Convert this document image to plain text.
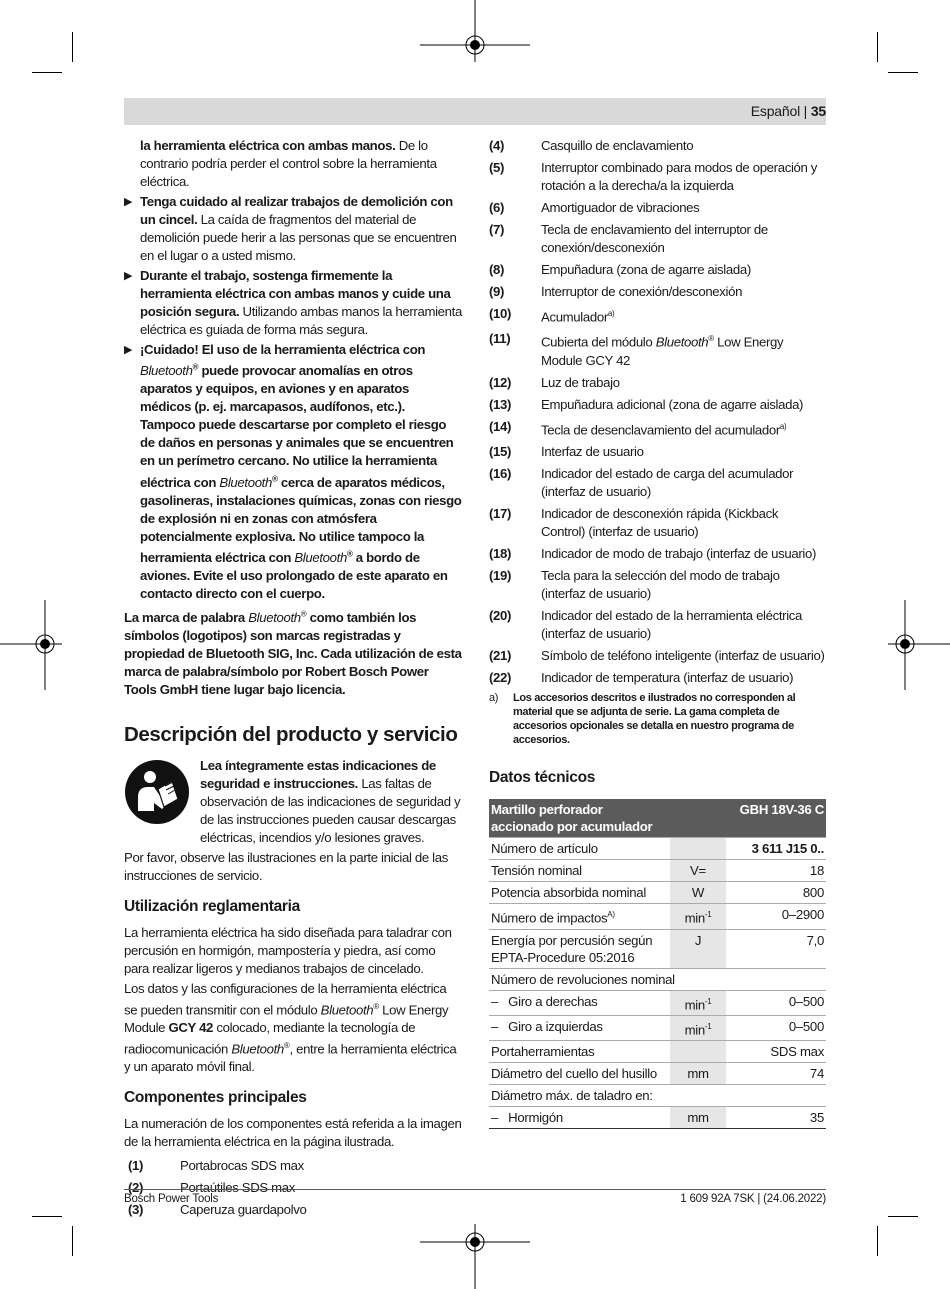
Español | 35

la herramienta eléctrica con ambas manos. De lo contrario podría perder el control sobre la herramienta eléctrica.

▶ Tenga cuidado al realizar trabajos de demolición con un cincel. La caída de fragmentos del material de demolición puede herir a las personas que se encuentren en el lugar o a usted mismo.

▶ Durante el trabajo, sostenga firmemente la herramienta eléctrica con ambas manos y cuide una posición segura. Utilizando ambas manos la herramienta eléctrica es guiada de forma más segura.

▶ ¡Cuidado! El uso de la herramienta eléctrica con Bluetooth® puede provocar anomalías en otros aparatos y equipos, en aviones y en aparatos médicos (p. ej. marcapasos, audífonos, etc.). Tampoco puede descartarse por completo el riesgo de daños en personas y animales que se encuentren en un perímetro cercano. No utilice la herramienta eléctrica con Bluetooth® cerca de aparatos médicos, gasolineras, instalaciones químicas, zonas con riesgo de explosión ni en zonas con atmósfera potencialmente explosiva. No utilice tampoco la herramienta eléctrica con Bluetooth® a bordo de aviones. Evite el uso prolongado de este aparato en contacto directo con el cuerpo.

La marca de palabra Bluetooth® como también los símbolos (logotipos) son marcas registradas y propiedad de Bluetooth SIG, Inc. Cada utilización de esta marca de palabra/símbolo por Robert Bosch Power Tools GmbH tiene lugar bajo licencia.

Descripción del producto y servicio

Lea íntegramente estas indicaciones de seguridad e instrucciones. Las faltas de observación de las indicaciones de seguridad y de las instrucciones pueden causar descargas eléctricas, incendios y/o lesiones graves.

Por favor, observe las ilustraciones en la parte inicial de las instrucciones de servicio.

Utilización reglamentaria

La herramienta eléctrica ha sido diseñada para taladrar con percusión en hormigón, mampostería y piedra, así como para realizar ligeros y medianos trabajos de cincelado.

Los datos y las configuraciones de la herramienta eléctrica se pueden transmitir con el módulo Bluetooth® Low Energy Module GCY 42 colocado, mediante la tecnología de radiocomunicación Bluetooth®, entre la herramienta eléctrica y un aparato móvil final.

Componentes principales

La numeración de los componentes está referida a la imagen de la herramienta eléctrica en la página ilustrada.

(1)	Portabrocas SDS max
(2)	Portaútiles SDS max
(3)	Caperuza guardapolvo
(4)	Casquillo de enclavamiento
(5)	Interruptor combinado para modos de operación y rotación a la derecha/a la izquierda
(6)	Amortiguador de vibraciones
(7)	Tecla de enclavamiento del interruptor de conexión/desconexión
(8)	Empuñadura (zona de agarre aislada)
(9)	Interruptor de conexión/desconexión
(10)	Acumulador$^{a)}$
(11)	Cubierta del módulo Bluetooth® Low Energy Module GCY 42
(12)	Luz de trabajo
(13)	Empuñadura adicional (zona de agarre aislada)
(14)	Tecla de desenclavamiento del acumulador$^{a)}$
(15)	Interfaz de usuario
(16)	Indicador del estado de carga del acumulador (interfaz de usuario)
(17)	Indicador de desconexión rápida (Kickback Control) (interfaz de usuario)
(18)	Indicador de modo de trabajo (interfaz de usuario)
(19)	Tecla para la selección del modo de trabajo (interfaz de usuario)
(20)	Indicador del estado de la herramienta eléctrica (interfaz de usuario)
(21)	Símbolo de teléfono inteligente (interfaz de usuario)
(22)	Indicador de temperatura (interfaz de usuario)
a)	Los accesorios descritos e ilustrados no corresponden al material que se adjunta de serie. La gama completa de accesorios opcionales se detalla en nuestro programa de accesorios.
Datos técnicos
Martillo perforador accionado por acumulador		GBH 18V-36 C
Número de artículo		3 611 J15 0..
Tensión nominal	V=	18
Potencia absorbida nominal	W	800
Número de impactos$^{A)}$	$\min^{-1}$	0–2900
Energía por percusión según EPTA-Procedure 05:2016	J	7,0
Número de revoluciones nominal		
–   Giro a derechas	$\min^{-1}$	0–500
–   Giro a izquierdas	$\min^{-1}$	0–500
Portaherramientas		SDS max
Diámetro del cuello del husillo	mm	74
Diámetro máx. de taladro en:		
–   Hormigón	mm	35
Bosch Power Tools	1 609 92A 7SK | (24.06.2022)
